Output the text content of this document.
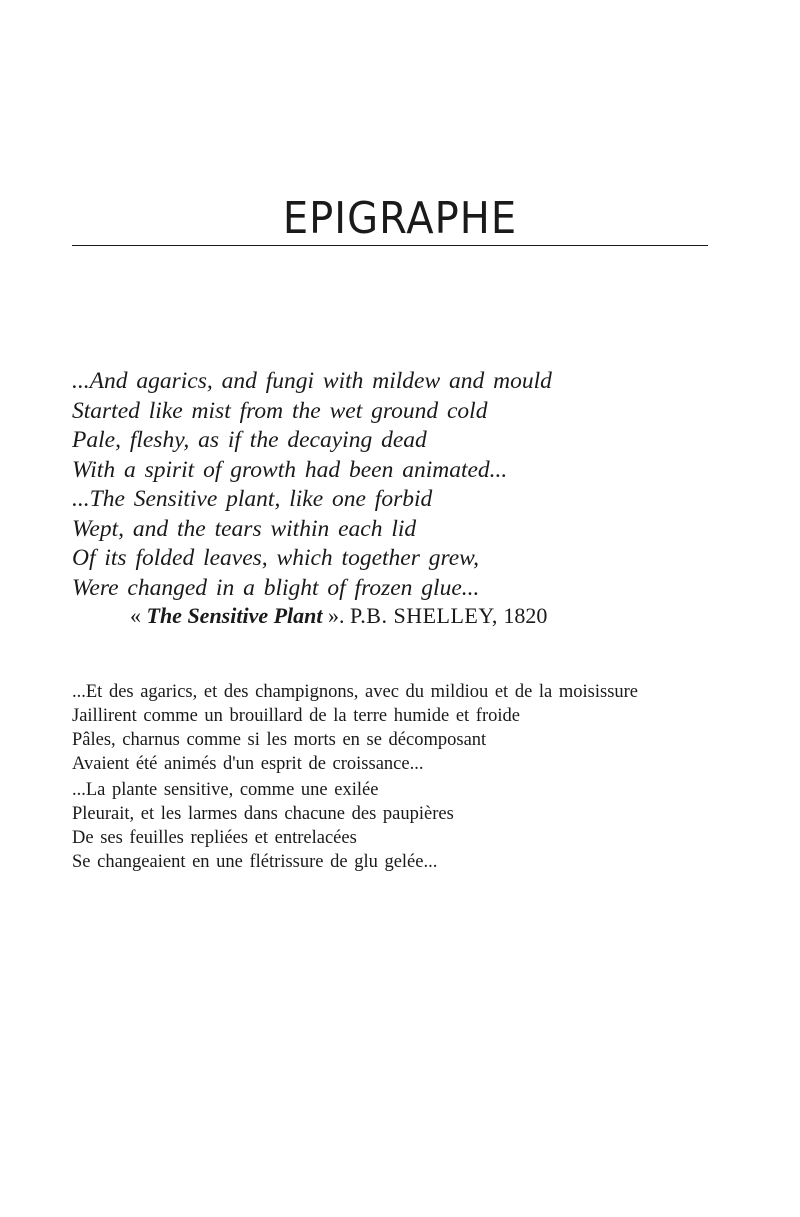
EPIGRAPHE
...And agarics, and fungi with mildew and mould
Started like mist from the wet ground cold
Pale, fleshy, as if the decaying dead
With a spirit of growth had been animated...
...The Sensitive plant, like one forbid
Wept, and the tears within each lid
Of its folded leaves, which together grew,
Were changed in a blight of frozen glue...
« The Sensitive Plant ». P.B. SHELLEY, 1820
...Et des agarics, et des champignons, avec du mildiou et de la moisissure
Jaillirent comme un brouillard de la terre humide et froide
Pâles, charnus comme si les morts en se décomposant
Avaient été animés d'un esprit de croissance...
...La plante sensitive, comme une exilée
Pleurait, et les larmes dans chacune des paupières
De ses feuilles repliées et entrelacées
Se changeaient en une flétrissure de glu gelée...
